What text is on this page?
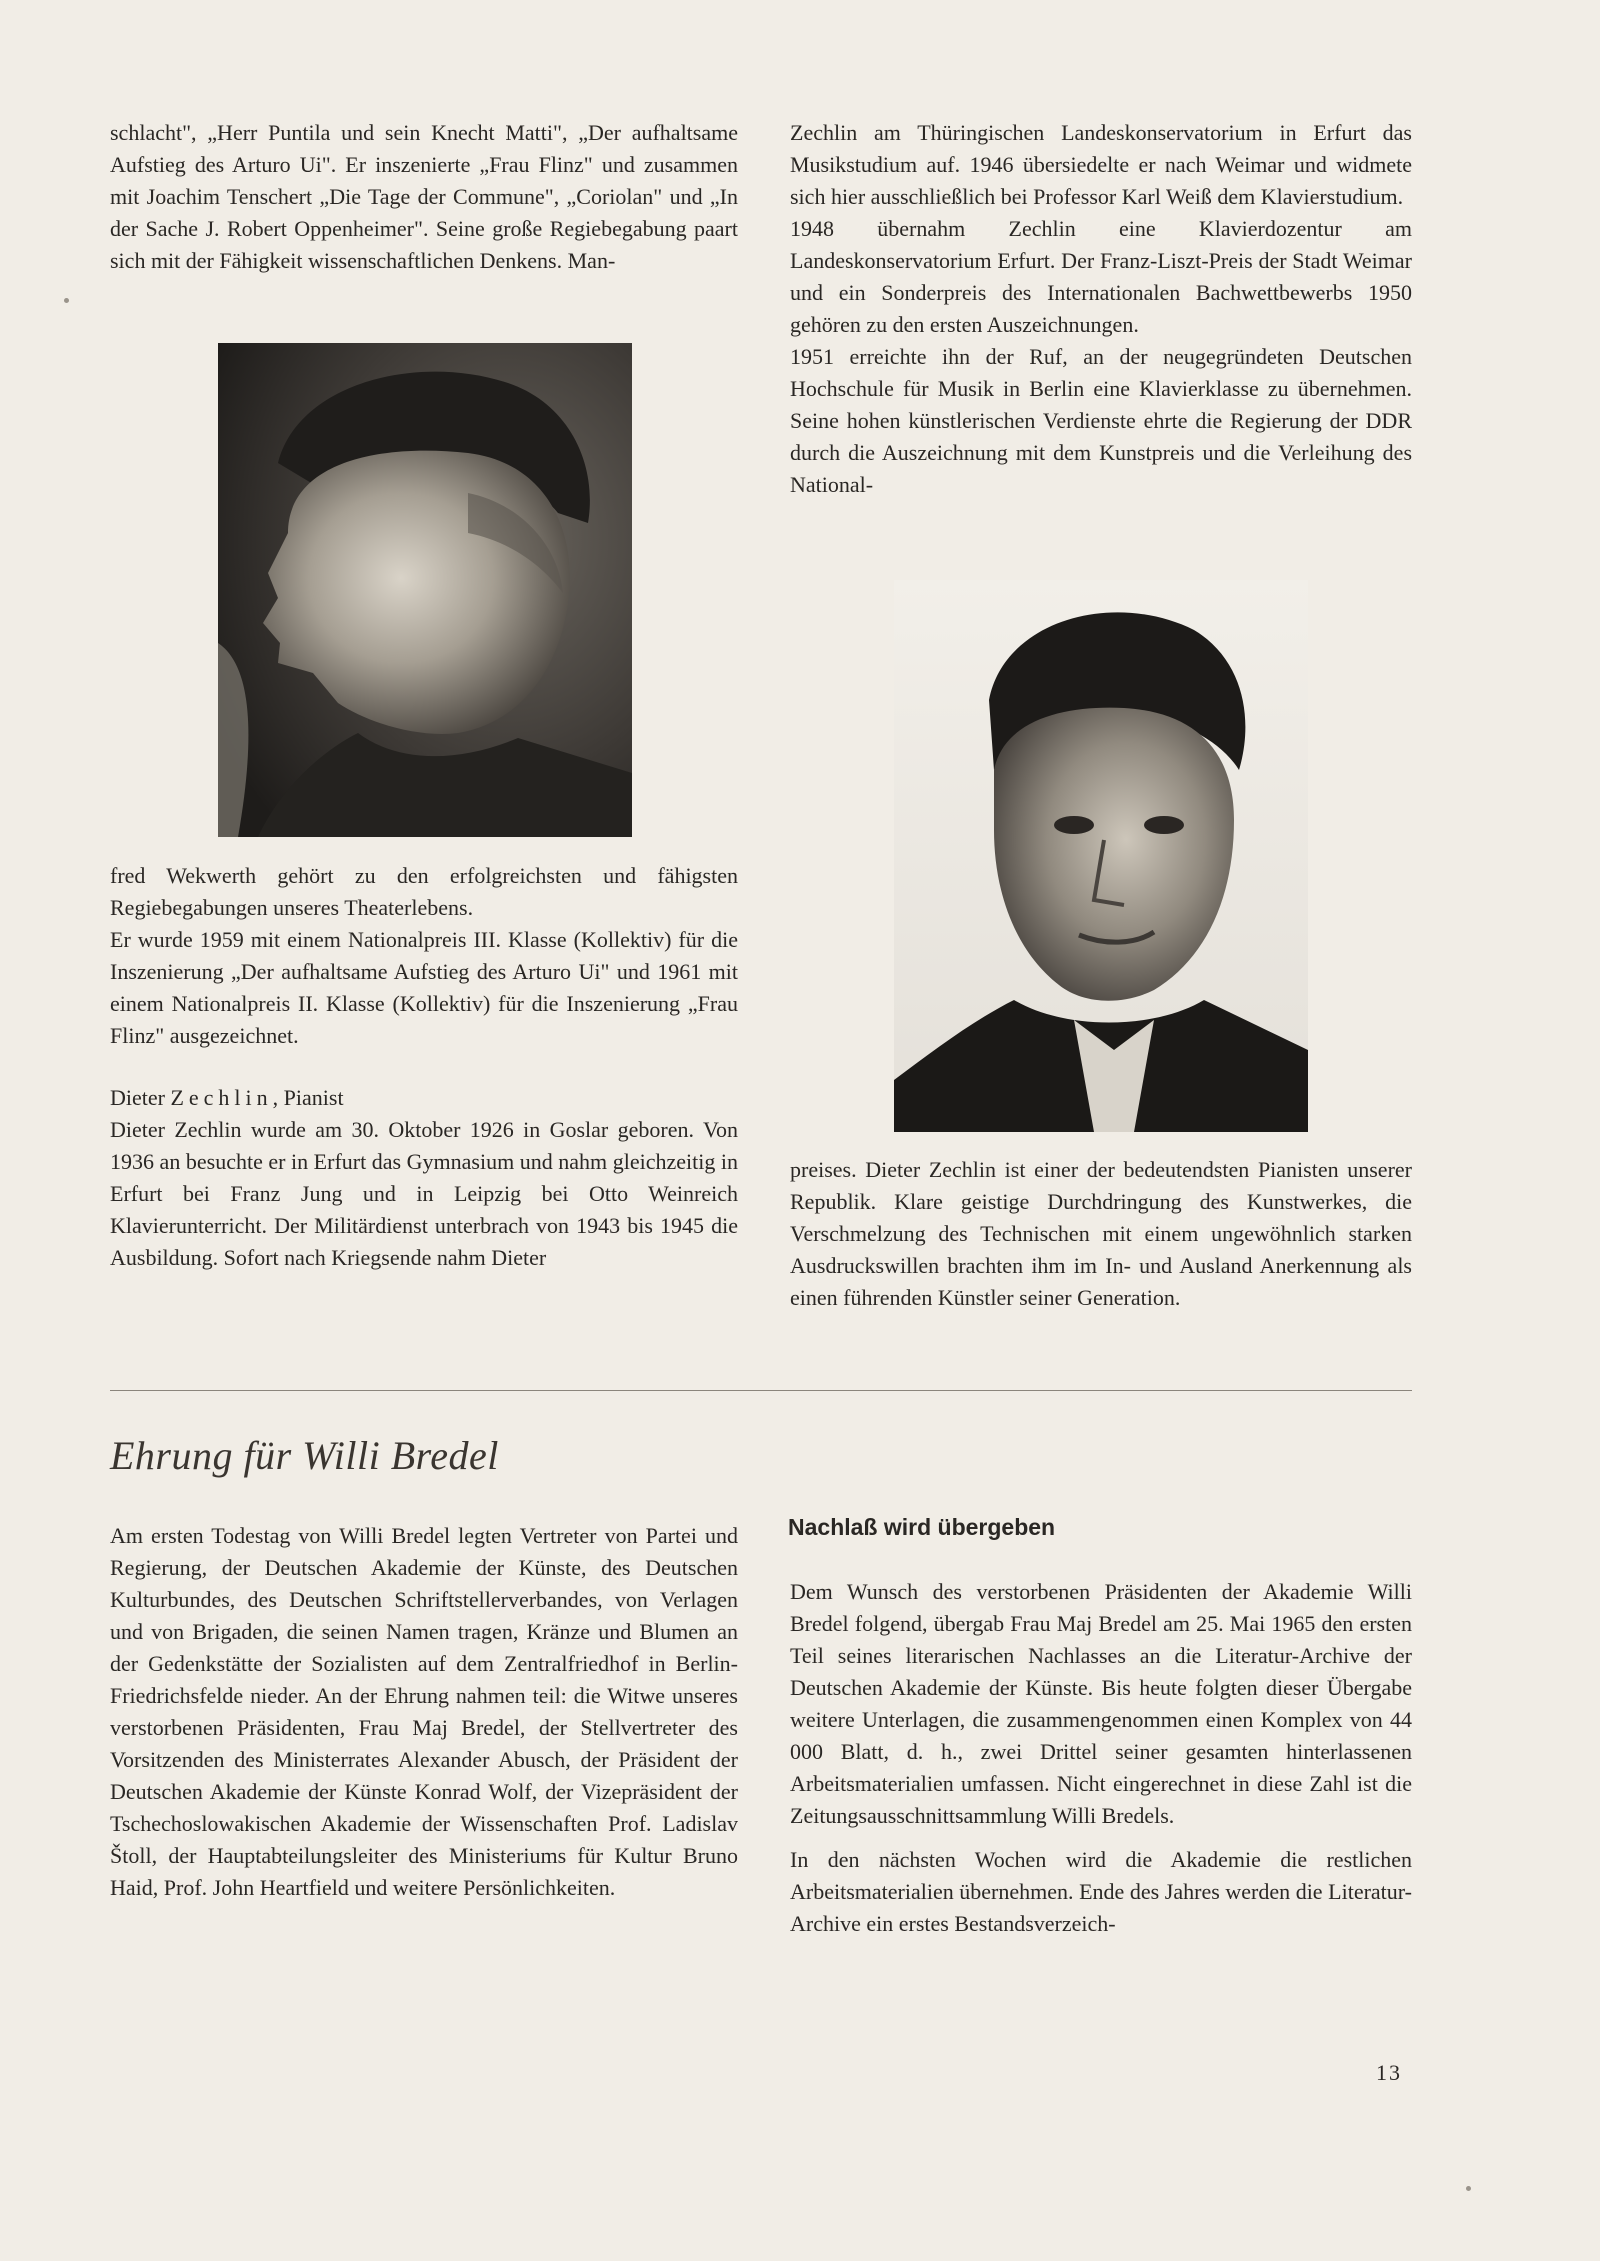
schlacht", „Herr Puntila und sein Knecht Matti", „Der aufhaltsame Aufstieg des Arturo Ui". Er inszenierte „Frau Flinz" und zusammen mit Joachim Tenschert „Die Tage der Commune", „Coriolan" und „In der Sache J. Robert Oppenheimer". Seine große Regiebegabung paart sich mit der Fähigkeit wissenschaftlichen Denkens. Man-

fred Wekwerth gehört zu den erfolgreichsten und fähigsten Regiebegabungen unseres Theaterlebens.

Er wurde 1959 mit einem Nationalpreis III. Klasse (Kollektiv) für die Inszenierung „Der aufhaltsame Aufstieg des Arturo Ui" und 1961 mit einem Nationalpreis II. Klasse (Kollektiv) für die Inszenierung „Frau Flinz" ausgezeichnet.

Dieter Zechlin, Pianist

Dieter Zechlin wurde am 30. Oktober 1926 in Goslar geboren. Von 1936 an besuchte er in Erfurt das Gymnasium und nahm gleichzeitig in Erfurt bei Franz Jung und in Leipzig bei Otto Weinreich Klavierunterricht. Der Militärdienst unterbrach von 1943 bis 1945 die Ausbildung. Sofort nach Kriegsende nahm Dieter

Zechlin am Thüringischen Landeskonservatorium in Erfurt das Musikstudium auf. 1946 übersiedelte er nach Weimar und widmete sich hier ausschließlich bei Professor Karl Weiß dem Klavierstudium.

1948 übernahm Zechlin eine Klavierdozentur am Landeskonservatorium Erfurt. Der Franz-Liszt-Preis der Stadt Weimar und ein Sonderpreis des Internationalen Bachwettbewerbs 1950 gehören zu den ersten Auszeichnungen.

1951 erreichte ihn der Ruf, an der neugegründeten Deutschen Hochschule für Musik in Berlin eine Klavierklasse zu übernehmen. Seine hohen künstlerischen Verdienste ehrte die Regierung der DDR durch die Auszeichnung mit dem Kunstpreis und die Verleihung des National-

preises. Dieter Zechlin ist einer der bedeutendsten Pianisten unserer Republik. Klare geistige Durchdringung des Kunstwerkes, die Verschmelzung des Technischen mit einem ungewöhnlich starken Ausdruckswillen brachten ihm im In- und Ausland Anerkennung als einen führenden Künstler seiner Generation.

Ehrung für Willi Bredel

Am ersten Todestag von Willi Bredel legten Vertreter von Partei und Regierung, der Deutschen Akademie der Künste, des Deutschen Kulturbundes, des Deutschen Schriftstellerverbandes, von Verlagen und von Brigaden, die seinen Namen tragen, Kränze und Blumen an der Gedenkstätte der Sozialisten auf dem Zentralfriedhof in Berlin-Friedrichsfelde nieder. An der Ehrung nahmen teil: die Witwe unseres verstorbenen Präsidenten, Frau Maj Bredel, der Stellvertreter des Vorsitzenden des Ministerrates Alexander Abusch, der Präsident der Deutschen Akademie der Künste Konrad Wolf, der Vizepräsident der Tschechoslowakischen Akademie der Wissenschaften Prof. Ladislav Štoll, der Hauptabteilungsleiter des Ministeriums für Kultur Bruno Haid, Prof. John Heartfield und weitere Persönlichkeiten.

Nachlaß wird übergeben

Dem Wunsch des verstorbenen Präsidenten der Akademie Willi Bredel folgend, übergab Frau Maj Bredel am 25. Mai 1965 den ersten Teil seines literarischen Nachlasses an die Literatur-Archive der Deutschen Akademie der Künste. Bis heute folgten dieser Übergabe weitere Unterlagen, die zusammengenommen einen Komplex von 44 000 Blatt, d. h., zwei Drittel seiner gesamten hinterlassenen Arbeitsmaterialien umfassen. Nicht eingerechnet in diese Zahl ist die Zeitungsausschnittsammlung Willi Bredels.

In den nächsten Wochen wird die Akademie die restlichen Arbeitsmaterialien übernehmen. Ende des Jahres werden die Literatur-Archive ein erstes Bestandsverzeich-

13
